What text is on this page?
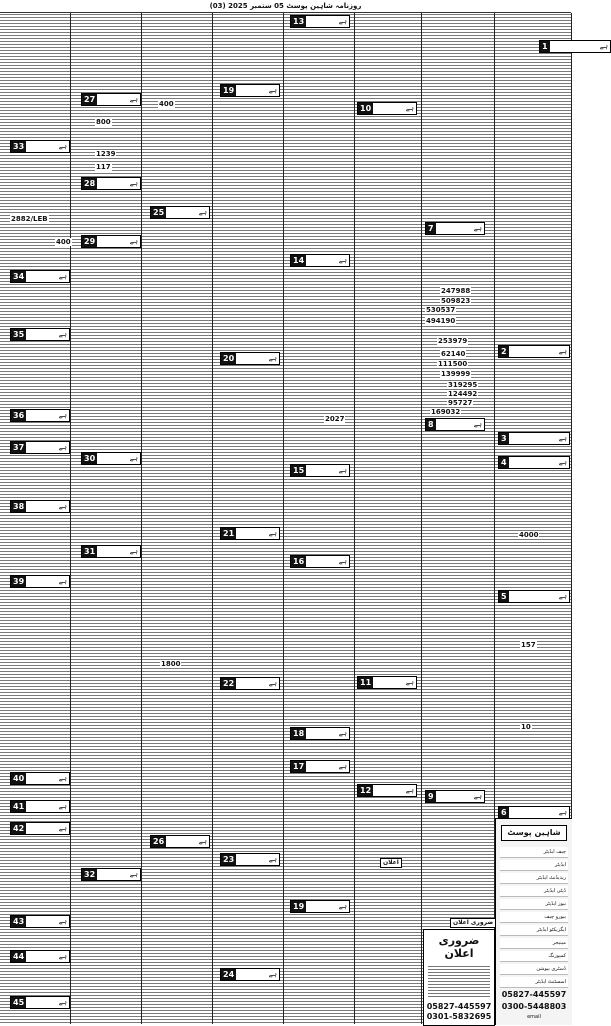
روزنامہ شاہین پوسٹ 05 ستمبر 2025 (03)
1	ہے
2	ہے
3	ہے
4	ہے
5	ہے
6	ہے
7	ہے
8	ہے
9	ہے
10	ہے
11	ہے
12	ہے
13	ہے
14	ہے
15	ہے
16	ہے
17	ہے
18	ہے
19	ہے
19	ہے
20	ہے
21	ہے
22	ہے
23	ہے
24	ہے
25	ہے
26	ہے
27	ہے
28	ہے
29	ہے
30	ہے
31	ہے
32	ہے
33	ہے
34	ہے
35	ہے
36	ہے
37	ہے
38	ہے
39	ہے
40	ہے
41	ہے
42	ہے
43	ہے
44	ہے
45	ہے
2882/LEB
117
1239
400
800
400
247988
509823
530537
494190
253979
62140
111500
139999
319295
124492
95727
169032
1800
2027
4000
157
10
ضروری اعلان
اعلان
ضروری اعلان
05827-445597
0301-5832695
شاہین پوسٹ
چیف ایڈیٹر
ایڈیٹر
ریذیڈنٹ ایڈیٹر
ڈپٹی ایڈیٹر
نیوز ایڈیٹر
بیورو چیف
ایگزیکٹو ایڈیٹر
مینیجر
کمپوزنگ
ڈسٹری بیوشن
اسسٹنٹ ایڈیٹر
05827-445597
0300-5448803
email
